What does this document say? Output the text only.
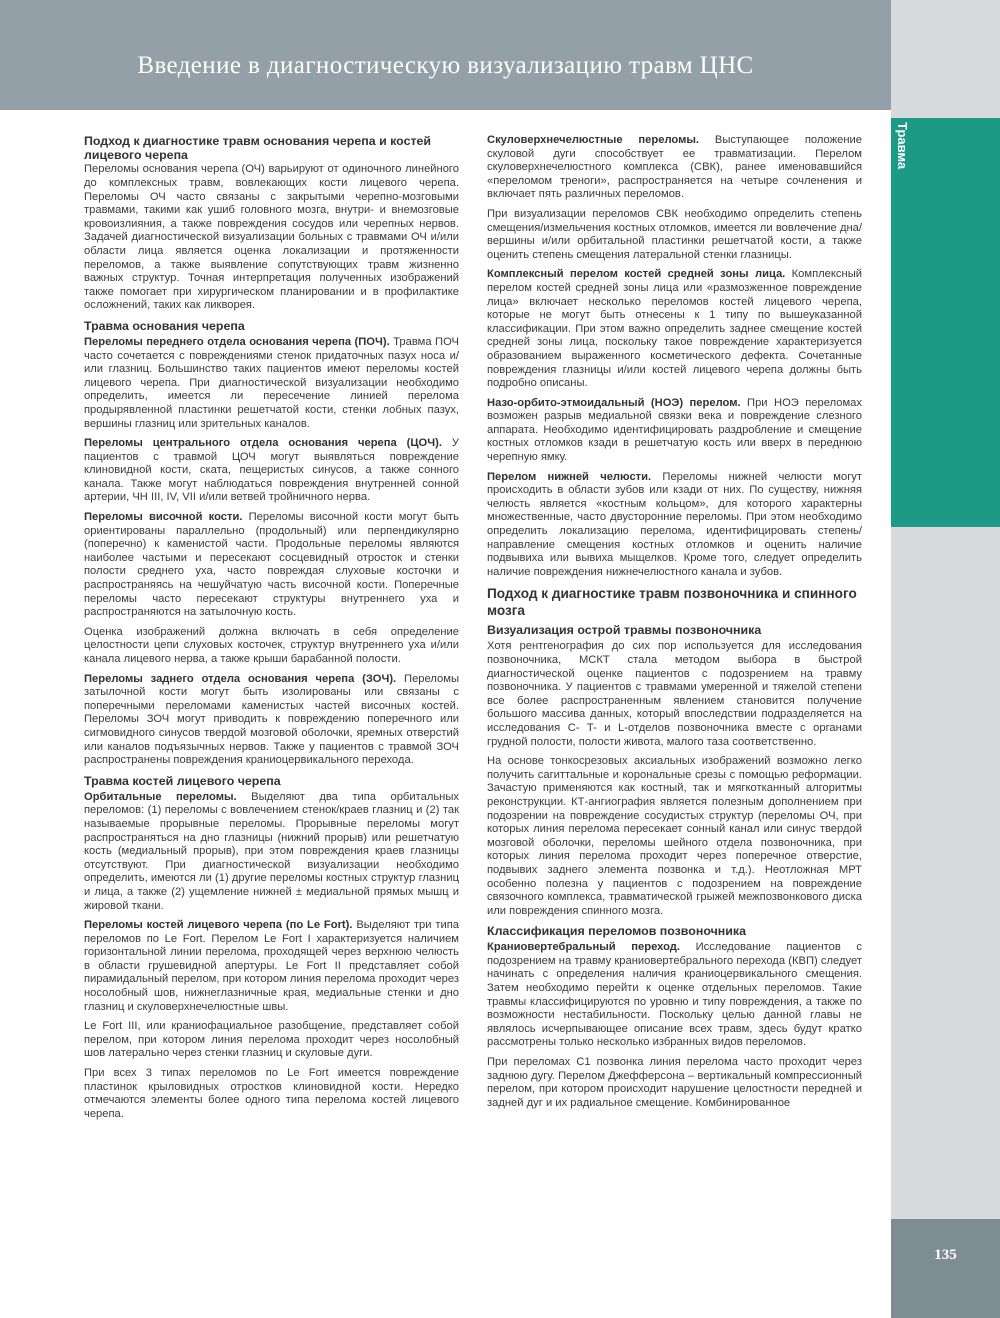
Введение в диагностическую визуализацию травм ЦНС
Травма
135
Подход к диагностике травм основания черепа и костей лицевого черепа

Переломы основания черепа (ОЧ) варьируют от одиночного линейного до комплексных травм, вовлекающих кости лицевого черепа. Переломы ОЧ часто связаны с закрытыми черепно-мозговыми травмами, такими как ушиб головного мозга, внутри- и внемозговые кровоизлияния, а также повреждения сосудов или черепных нервов. Задачей диагностической визуализации больных с травмами ОЧ и/или области лица является оценка локализации и протяженности переломов, а также выявление сопутствующих травм жизненно важных структур. Точная интерпретация полученных изображений также помогает при хирургическом планировании и в профилактике осложнений, таких как ликворея.

Травма основания черепа

Переломы переднего отдела основания черепа (ПОЧ). Травма ПОЧ часто сочетается с повреждениями стенок придаточных пазух носа и/или глазниц. Большинство таких пациентов имеют переломы костей лицевого черепа. При диагностической визуализации необходимо определить, имеется ли пересечение линией перелома продырявленной пластинки решетчатой кости, стенки лобных пазух, вершины глазниц или зрительных каналов.

Переломы центрального отдела основания черепа (ЦОЧ). У пациентов с травмой ЦОЧ могут выявляться повреждение клиновидной кости, ската, пещеристых синусов, а также сонного канала. Также могут наблюдаться повреждения внутренней сонной артерии, ЧН III, IV, VII и/или ветвей тройничного нерва.

Переломы височной кости. Переломы височной кости могут быть ориентированы параллельно (продольный) или перпендикулярно (поперечно) к каменистой части. Продольные переломы являются наиболее частыми и пересекают сосцевидный отросток и стенки полости среднего уха, часто повреждая слуховые косточки и распространяясь на чешуйчатую часть височной кости. Поперечные переломы часто пересекают структуры внутреннего уха и распространяются на затылочную кость.

Оценка изображений должна включать в себя определение целостности цепи слуховых косточек, структур внутреннего уха и/или канала лицевого нерва, а также крыши барабанной полости.

Переломы заднего отдела основания черепа (ЗОЧ). Переломы затылочной кости могут быть изолированы или связаны с поперечными переломами каменистых частей височных костей. Переломы ЗОЧ могут приводить к повреждению поперечного или сигмовидного синусов твердой мозговой оболочки, яремных отверстий или каналов подъязычных нервов. Также у пациентов с травмой ЗОЧ распространены повреждения краниоцервикального перехода.

Травма костей лицевого черепа

Орбитальные переломы. Выделяют два типа орбитальных переломов: (1) переломы с вовлечением стенок/краев глазниц и (2) так называемые прорывные переломы. Прорывные переломы могут распространяться на дно глазницы (нижний прорыв) или решетчатую кость (медиальный прорыв), при этом повреждения краев глазницы отсутствуют. При диагностической визуализации необходимо определить, имеются ли (1) другие переломы костных структур глазниц и лица, а также (2) ущемление нижней ± медиальной прямых мышц и жировой ткани.

Переломы костей лицевого черепа (по Le Fort). Выделяют три типа переломов по Le Fort. Перелом Le Fort I характеризуется наличием горизонтальной линии перелома, проходящей через верхнюю челюсть в области грушевидной апертуры. Le Fort II представляет собой пирамидальный перелом, при котором линия перелома проходит через носолобный шов, нижнеглазничные края, медиальные стенки и дно глазниц и скуловерхнечелюстные швы.

Le Fort III, или краниофациальное разобщение, представляет собой перелом, при котором линия перелома проходит через носолобный шов латерально через стенки глазниц и скуловые дуги.

При всех 3 типах переломов по Le Fort имеется повреждение пластинок крыловидных отростков клиновидной кости. Нередко отмечаются элементы более одного типа перелома костей лицевого черепа.

Скуловерхнечелюстные переломы. Выступающее положение скуловой дуги способствует ее травматизации. Перелом скуловерхнечелюстного комплекса (СВК), ранее именовавшийся «переломом треноги», распространяется на четыре сочленения и включает пять различных переломов.

При визуализации переломов СВК необходимо определить степень смещения/измельчения костных отломков, имеется ли вовлечение дна/вершины и/или орбитальной пластинки решетчатой кости, а также оценить степень смещения латеральной стенки глазницы.

Комплексный перелом костей средней зоны лица. Комплексный перелом костей средней зоны лица или «размозженное повреждение лица» включает несколько переломов костей лицевого черепа, которые не могут быть отнесены к 1 типу по вышеуказанной классификации. При этом важно определить заднее смещение костей средней зоны лица, поскольку такое повреждение характеризуется образованием выраженного косметического дефекта. Сочетанные повреждения глазницы и/или костей лицевого черепа должны быть подробно описаны.

Назо-орбито-этмоидальный (НОЭ) перелом. При НОЭ переломах возможен разрыв медиальной связки века и повреждение слезного аппарата. Необходимо идентифицировать раздробление и смещение костных отломков кзади в решетчатую кость или вверх в переднюю черепную ямку.

Перелом нижней челюсти. Переломы нижней челюсти могут происходить в области зубов или кзади от них. По существу, нижняя челюсть является «костным кольцом», для которого характерны множественные, часто двусторонние переломы. При этом необходимо определить локализацию перелома, идентифицировать степень/направление смещения костных отломков и оценить наличие подвывиха или вывиха мыщелков. Кроме того, следует определить наличие повреждения нижнечелюстного канала и зубов.

Подход к диагностике травм позвоночника и спинного мозга
Визуализация острой травмы позвоночника

Хотя рентгенография до сих пор используется для исследования позвоночника, МСКТ стала методом выбора в быстрой диагностической оценке пациентов с подозрением на травму позвоночника. У пациентов с травмами умеренной и тяжелой степени все более распространенным явлением становится получение большого массива данных, который впоследствии подразделяется на исследования C- T- и L-отделов позвоночника вместе с органами грудной полости, полости живота, малого таза соответственно.

На основе тонкосрезовых аксиальных изображений возможно легко получить сагиттальные и корональные срезы с помощью реформации. Зачастую применяются как костный, так и мягкотканный алгоритмы реконструкции. КТ-ангиография является полезным дополнением при подозрении на повреждение сосудистых структур (переломы ОЧ, при которых линия перелома пересекает сонный канал или синус твердой мозговой оболочки, переломы шейного отдела позвоночника, при которых линия перелома проходит через поперечное отверстие, подвывих заднего элемента позвонка и т.д.). Неотложная МРТ особенно полезна у пациентов с подозрением на повреждение связочного комплекса, травматической грыжей межпозвонкового диска или повреждения спинного мозга.

Классификация переломов позвоночника

Краниовертебральный переход. Исследование пациентов с подозрением на травму краниовертебрального перехода (КВП) следует начинать с определения наличия краниоцервикального смещения. Затем необходимо перейти к оценке отдельных переломов. Такие травмы классифицируются по уровню и типу повреждения, а также по возможности нестабильности. Поскольку целью данной главы не являлось исчерпывающее описание всех травм, здесь будут кратко рассмотрены только несколько избранных видов переломов.

При переломах С1 позвонка линия перелома часто проходит через заднюю дугу. Перелом Джефферсона – вертикальный компрессионный перелом, при котором происходит нарушение целостности передней и задней дуг и их радиальное смещение. Комбинированное
